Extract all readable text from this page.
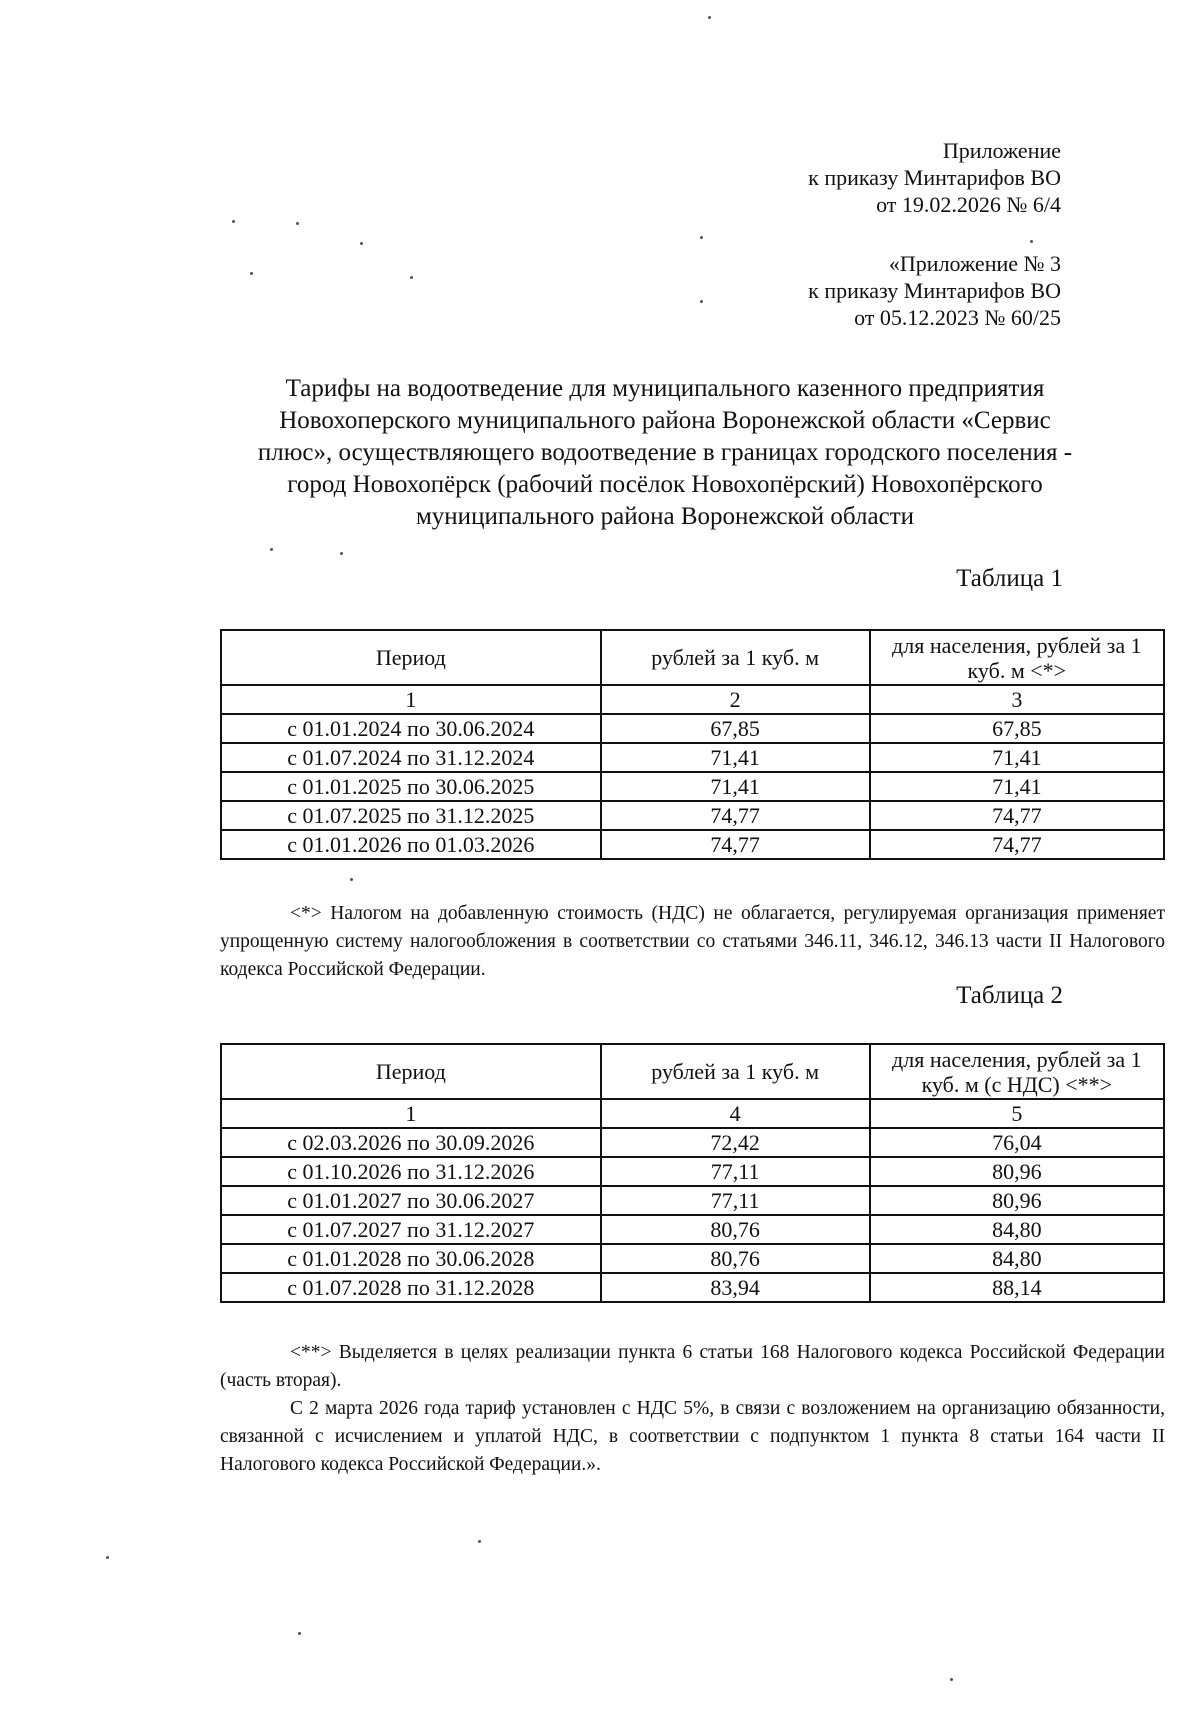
Приложение
к приказу Минтарифов ВО
от 19.02.2026 № 6/4
«Приложение № 3
к приказу Минтарифов ВО
от 05.12.2023 № 60/25
Тарифы на водоотведение для муниципального казенного предприятия
Новохоперского муниципального района Воронежской области «Сервис
плюс», осуществляющего водоотведение в границах городского поселения -
город Новохопёрск (рабочий посёлок Новохопёрский) Новохопёрского
муниципального района Воронежской области
Таблица 1
Период	рублей за 1 куб. м	для населения, рублей за 1 куб. м <*>
1	2	3
с 01.01.2024 по 30.06.2024	67,85	67,85
с 01.07.2024 по 31.12.2024	71,41	71,41
с 01.01.2025 по 30.06.2025	71,41	71,41
с 01.07.2025 по 31.12.2025	74,77	74,77
с 01.01.2026 по 01.03.2026	74,77	74,77

<*> Налогом на добавленную стоимость (НДС) не облагается, регулируемая организация применяет упрощенную систему налогообложения в соответствии со статьями 346.11, 346.12, 346.13 части II Налогового кодекса Российской Федерации.

Таблица 2
Период	рублей за 1 куб. м	для населения, рублей за 1 куб. м (с НДС) <**>
1	4	5
с 02.03.2026 по 30.09.2026	72,42	76,04
с 01.10.2026 по 31.12.2026	77,11	80,96
с 01.01.2027 по 30.06.2027	77,11	80,96
с 01.07.2027 по 31.12.2027	80,76	84,80
с 01.01.2028 по 30.06.2028	80,76	84,80
с 01.07.2028 по 31.12.2028	83,94	88,14

<**> Выделяется в целях реализации пункта 6 статьи 168 Налогового кодекса Российской Федерации (часть вторая).

С 2 марта 2026 года тариф установлен с НДС 5%, в связи с возложением на организацию обязанности, связанной с исчислением и уплатой НДС, в соответствии с подпунктом 1 пункта 8 статьи 164 части II Налогового кодекса Российской Федерации.».
